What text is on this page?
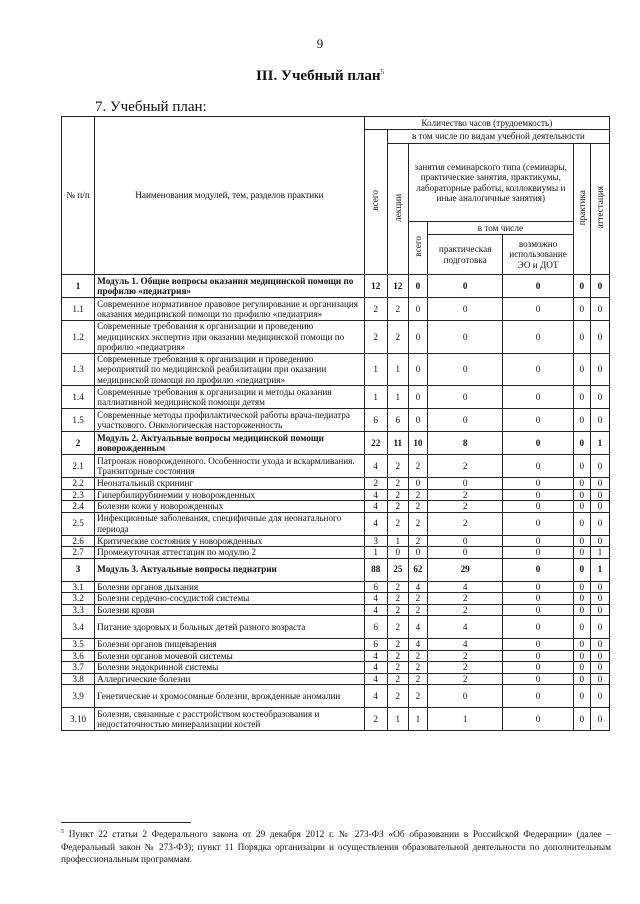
9
III. Учебный план$^5$
7. Учебный план:
№ п/п	Наименования модулей, тем, разделов практики	Количество часов (трудоемкость)						
		всего	в том числе по видам учебной деятельности					
			лекции	занятия семинарского типа (семинары, практические занятия, практикумы, лабораторные работы, коллоквиумы и иные аналогичные занятия)			практика	аттестация
				всего	в том числе			
					практическая подготовка	возможно использование ЭО и ДОТ		
1	Модуль 1. Общие вопросы оказания медицинской помощи по профилю «педиатрия»	12	12	0	0	0	0	0
1.1	Современное нормативное правовое регулирование и организация оказания медицинской помощи по профилю «педиатрия»	2	2	0	0	0	0	0
1.2	Современные требования к организации и проведению медицинских экспертиз при оказании медицинской помощи по профилю «педиатрия»	2	2	0	0	0	0	0
1.3	Современные требования к организации и проведению мероприятий по медицинской реабилитации при оказании медицинской помощи по профилю «педиатрия»	1	1	0	0	0	0	0
1.4	Современные требования к организации и методы оказания паллиативной медицинской помощи детям	1	1	0	0	0	0	0
1.5	Современные методы профилактической работы врача-педиатра участкового. Онкологическая настороженность	6	6	0	0	0	0	0
2	Модуль 2. Актуальные вопросы медицинской помощи новорожденным	22	11	10	8	0	0	1
2.1	Патронаж новорожденного. Особенности ухода и вскармливания. Транзиторные состояния	4	2	2	2	0	0	0
2.2	Неонатальный скрининг	2	2	0	0	0	0	0
2.3	Гипербилирубинемии у новорожденных	4	2	2	2	0	0	0
2.4	Болезни кожи у новорожденных	4	2	2	2	0	0	0
2.5	Инфекционные заболевания, специфичные для неонатального периода	4	2	2	2	0	0	0
2.6	Критические состояния у новорожденных	3	1	2	0	0	0	0
2.7	Промежуточная аттестация по модулю 2	1	0	0	0	0	0	1
3	Модуль 3. Актуальные вопросы педиатрии	88	25	62	29	0	0	1
3.1	Болезни органов дыхания	6	2	4	4	0	0	0
3.2	Болезни сердечно-сосудистой системы	4	2	2	2	0	0	0
3.3	Болезни крови	4	2	2	2	0	0	0
3.4	Питание здоровых и больных детей разного возраста	6	2	4	4	0	0	0
3.5	Болезни органов пищеварения	6	2	4	4	0	0	0
3.6	Болезни органов мочевой системы	4	2	2	2	0	0	0
3.7	Болезни эндокринной системы	4	2	2	2	0	0	0
3.8	Аллергические болезни	4	2	2	2	0	0	0
3.9	Генетические и хромосомные болезни, врожденные аномалии	4	2	2	0	0	0	0
3.10	Болезни, связанные с расстройством костеобразования и недостаточностью минерализации костей	2	1	1	1	0	0	0
$^5$ Пункт 22 статьи 2 Федерального закона от 29 декабря 2012 г. № 273-ФЗ «Об образовании в Российской Федерации» (далее – Федеральный закон № 273-ФЗ); пункт 11 Порядка организации и осуществления образовательной деятельности по дополнительным профессиональным программам.
